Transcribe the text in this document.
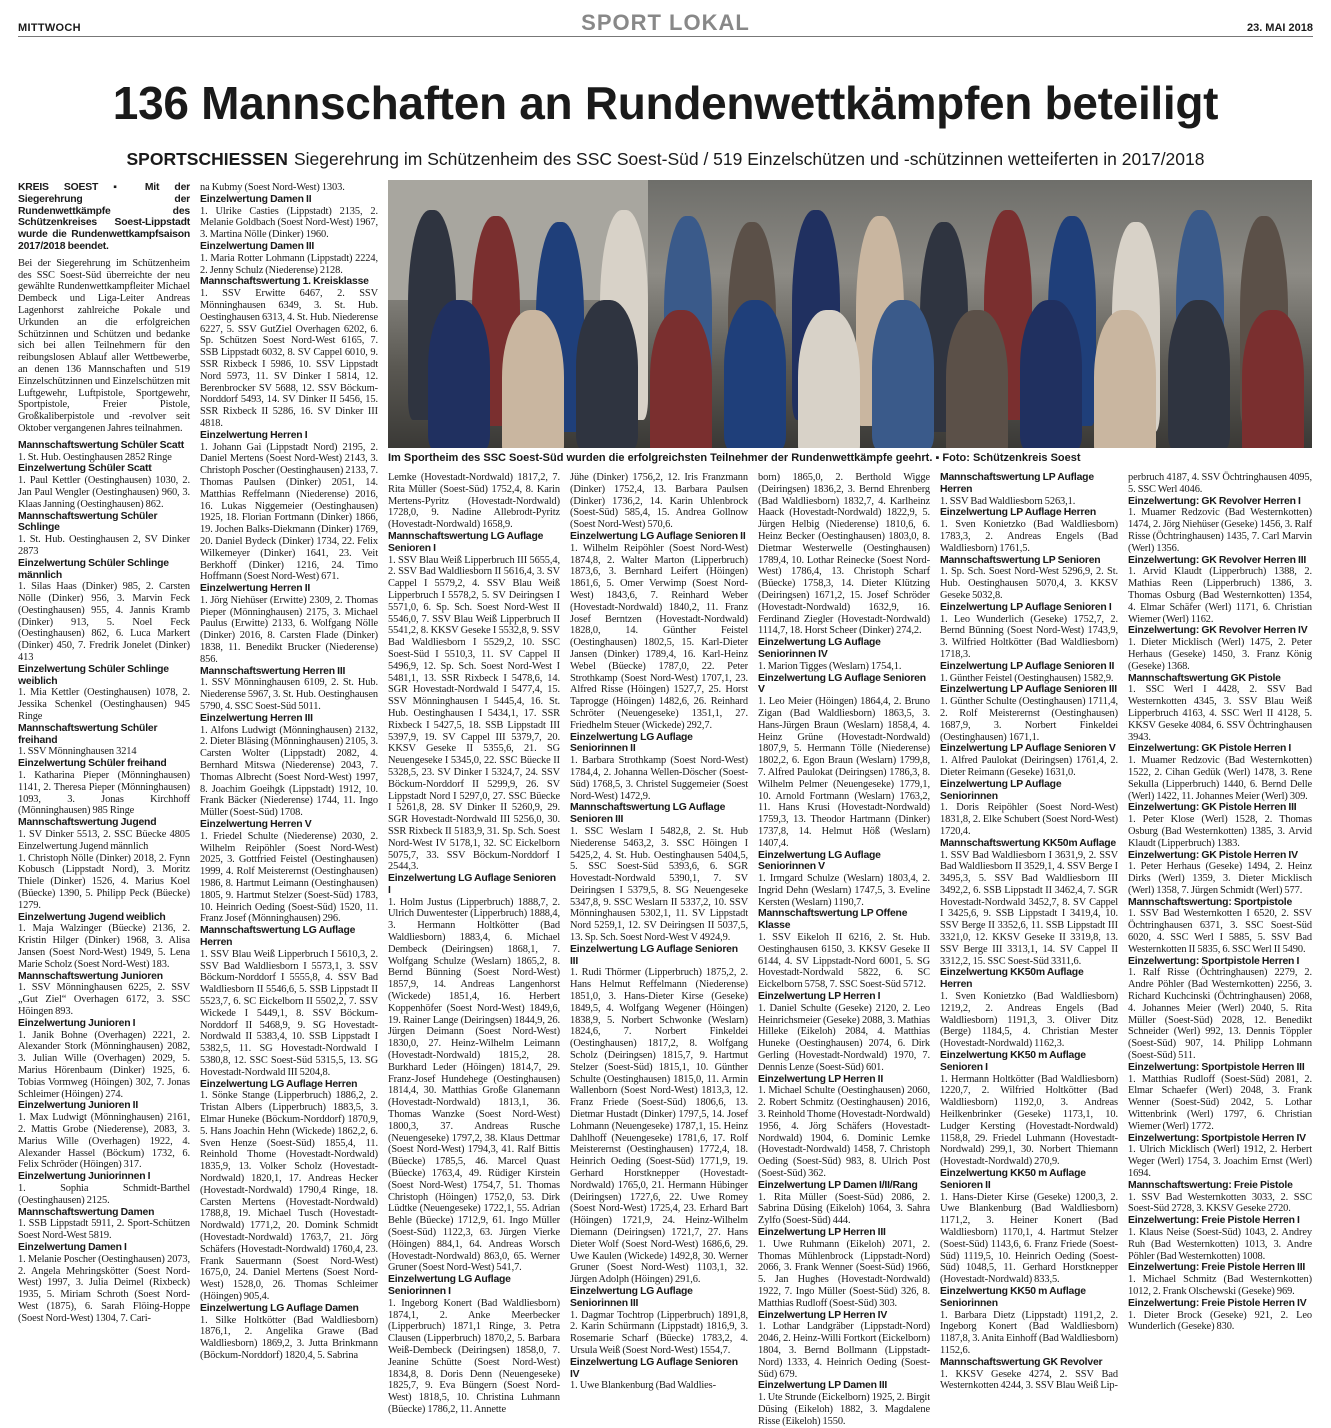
MITTWOCH	SPORT LOKAL	23. MAI 2018
136 Mannschaften an Rundenwettkämpfen beteiligt
SPORTSCHIESSEN Siegerehrung im Schützenheim des SSC Soest-Süd / 519 Einzelschützen und -schützinnen wetteiferten in 2017/2018
Im Sportheim des SSC Soest-Süd wurden die erfolgreichsten Teilnehmer der Rundenwettkämpfe geehrt. ▪ Foto: Schützenkreis Soest
KREIS SOEST ▪ Mit der Siegerehrung der Rundenwettkämpfe des Schützenkreises Soest-Lippstadt wurde die Rundenwettkampfsaison 2017/2018 beendet.
Bei der Siegerehrung im Schützenheim des SSC Soest-Süd überreichte der neu gewählte Rundenwettkampfleiter Michael Dembeck und Liga-Leiter Andreas Lagenhorst zahlreiche Pokale und Urkunden an die erfolgreichen Schützinnen und Schützen und bedanke sich bei allen Teilnehmern für den reibungslosen Ablauf aller Wettbewerbe, an denen 136 Mannschaften und 519 Einzelschützinnen und Einzelschützen mit Luftgewehr, Luftpistole, Sportgewehr, Sportpistole, Freier Pistole, Großkaliberpistole und -revolver seit Oktober vergangenen Jahres teilnahmen.
Mannschaftswertung Schüler Scatt
1. St. Hub. Oestinghausen 2852 Ringe
Einzelwertung Schüler Scatt
1. Paul Kettler (Oestinghausen) 1030, 2. Jan Paul Wengler (Oestinghausen) 960, 3. Klaas Janning (Oestinghausen) 862.
Mannschaftswertung Schüler Schlinge
1. St. Hub. Oestinghausen 2, SV Dinker 2873
Einzelwertung Schüler Schlinge männlich
1. Silas Haas (Dinker) 985, 2. Carsten Nölle (Dinker) 956, 3. Marvin Feck (Oestinghausen) 955, 4. Jannis Kramb (Dinker) 913, 5. Noel Feck (Oestinghausen) 862, 6. Luca Markert (Dinker) 450, 7. Fredrik Jonelet (Dinker) 413
Einzelwertung Schüler Schlinge weiblich
1. Mia Kettler (Oestinghausen) 1078, 2. Jessika Schenkel (Oestinghausen) 945 Ringe
Mannschaftswertung Schüler freihand
1. SSV Mönninghausen 3214
Einzelwertung Schüler freihand
1. Katharina Pieper (Mönninghausen) 1141, 2. Theresa Pieper (Mönninghausen) 1093, 3. Jonas Kirchhoff (Mönninghausen) 985 Ringe
Mannschaftswertung Jugend
1. SV Dinker 5513, 2. SSC Büecke 4805 Einzelwertung Jugend männlich
1. Christoph Nölle (Dinker) 2018, 2. Fynn Kobusch (Lippstadt Nord), 3. Moritz Thiele (Dinker) 1526, 4. Marius Koel (Büecke) 1390, 5. Philipp Peck (Büecke) 1279.
Einzelwertung Jugend weiblich
1. Maja Walzinger (Büecke) 2136, 2. Kristin Hilger (Dinker) 1968, 3. Alisa Jansen (Soest Nord-West) 1949, 5. Lena Marie Scholz (Soest Nord-West) 183.
Mannschaftswertung Junioren
1. SSV Mönninghausen 6225, 2. SSV „Gut Ziel“ Overhagen 6172, 3. SSC Höingen 893.
Einzelwertung Junioren I
1. Janik Bohne (Overhagen) 2221, 2. Alexander Stork (Mönninghausen) 2082, 3. Julian Wille (Overhagen) 2029, 5. Marius Hörenbaum (Dinker) 1925, 6. Tobias Vormweg (Höingen) 302, 7. Jonas Schleimer (Höingen) 274.
Einzelwertung Junioren II
1. Max Ludwigt (Mönninghausen) 2161, 2. Mattis Grobe (Niederense), 2083, 3. Marius Wille (Overhagen) 1922, 4. Alexander Hassel (Böckum) 1732, 6. Felix Schröder (Höingen) 317.
Einzelwertung Juniorinnen I
1. Sophia Schmidt-Barthel (Oestinghausen) 2125.
Mannschaftswertung Damen
1. SSB Lippstadt 5911, 2. Sport-Schützen Soest Nord-West 5819.
Einzelwertung Damen I
1. Melanie Poscher (Oestinghausen) 2073, 2. Angela Mehringskötter (Soest Nord-West) 1997, 3. Julia Deimel (Rixbeck) 1935, 5. Miriam Schroth (Soest Nord-West (1875), 6. Sarah Flöing-Hoppe (Soest Nord-West) 1304, 7. Cari-
na Kubmy (Soest Nord-West) 1303.
Einzelwertung Damen II
1. Ulrike Casties (Lippstadt) 2135, 2. Melanie Goldbach (Soest Nord-West) 1967, 3. Martina Nölle (Dinker) 1960.
Einzelwertung Damen III
1. Maria Rotter Lohmann (Lippstadt) 2224, 2. Jenny Schulz (Niederense) 2128.
Mannschaftswertung 1. Kreisklasse
1. SSV Erwitte 6467, 2. SSV Mönninghausen 6349, 3. St. Hub. Oestinghausen 6313, 4. St. Hub. Niederense 6227, 5. SSV GutZiel Overhagen 6202, 6. Sp. Schützen Soest Nord-West 6165, 7. SSB Lippstadt 6032, 8. SV Cappel 6010, 9. SSR Rixbeck I 5986, 10. SSV Lippstadt Nord 5973, 11. SV Dinker I 5814, 12. Berenbrocker SV 5688, 12. SSV Böckum-Norddorf 5493, 14. SV Dinker II 5456, 15. SSR Rixbeck II 5286, 16. SV Dinker III 4818.
Einzelwertung Herren I
1. Johann Gai (Lippstadt Nord) 2195, 2. Daniel Mertens (Soest Nord-West) 2143, 3. Christoph Poscher (Oestinghausen) 2133, 7. Thomas Paulsen (Dinker) 2051, 14. Matthias Reffelmann (Niederense) 2016, 16. Lukas Niggemeier (Oestinghausen) 1925, 18. Florian Fortmann (Dinker) 1866, 19. Jochen Balks-Diekmann (Dinker) 1769, 20. Daniel Bydeck (Dinker) 1734, 22. Felix Wilkemeyer (Dinker) 1641, 23. Veit Berkhoff (Dinker) 1216, 24. Timo Hoffmann (Soest Nord-West) 671.
Einzelwertung Herren II
1. Jörg Niehüser (Erwitte) 2309, 2. Thomas Pieper (Mönninghausen) 2175, 3. Michael Paulus (Erwitte) 2133, 6. Wolfgang Nölle (Dinker) 2016, 8. Carsten Flade (Dinker) 1838, 11. Benedikt Brucker (Niederense) 856.
Mannschaftswertung Herren III
1. SSV Mönninghausen 6109, 2. St. Hub. Niederense 5967, 3. St. Hub. Oestinghausen 5790, 4. SSC Soest-Süd 5011.
Einzelwertung Herren III
1. Alfons Ludwigt (Mönninghausen) 2132, 2. Dieter Bläsing (Mönninghausen) 2105, 3. Carsten Wolter (Lippstadt) 2082, 4. Bernhard Mitswa (Niederense) 2043, 7. Thomas Albrecht (Soest Nord-West) 1997, 8. Joachim Goeihgk (Lippstadt) 1912, 10. Frank Bäcker (Niederense) 1744, 11. Ingo Müller (Soest-Süd) 1708.
Einzelwertung Herren V
1. Friedel Schulte (Niederense) 2030, 2. Wilhelm Reipöhler (Soest Nord-West) 2025, 3. Gottfried Feistel (Oestinghausen) 1999, 4. Rolf Meisterernst (Oestinghausen) 1986, 8. Hartmut Leimann (Oestinghausen) 1805, 9. Hartmut Stelzer (Soest-Süd) 1783, 10. Heinrich Oeding (Soest-Süd) 1520, 11. Franz Josef (Mönninghausen) 296.
Mannschaftswertung LG Auflage Herren
1. SSV Blau Weiß Lipperbruch I 5610,3, 2. SSV Bad Waldliesborn I 5573,1, 3. SSV Böckum-Norddorf I 5555,8, 4. SSV Bad Waldliesborn II 5546,6, 5. SSB Lippstadt II 5523,7, 6. SC Eickelborn II 5502,2, 7. SSV Wickede I 5449,1, 8. SSV Böckum-Norddorf II 5468,9, 9. SG Hovestadt-Nordwald II 5383,4, 10. SSB Lippstadt I 5382,5, 11. SG Hovestadt-Nordwald I 5380,8, 12. SSC Soest-Süd 5315,5, 13. SG Hovestadt-Nordwald III 5204,8.
Einzelwertung LG Auflage Herren
1. Sönke Stange (Lipperbruch) 1886,2, 2. Tristan Albers (Lipperbruch) 1883,5, 3. Elmar Huneke (Böckum-Norddorf) 1870,9, 5. Hans Joachin Hehn (Wickede) 1862,2, 6. Sven Henze (Soest-Süd) 1855,4, 11. Reinhold Thome (Hovestadt-Nordwald) 1835,9, 13. Volker Scholz (Hovestadt-Nordwald) 1820,1, 17. Andreas Hecker (Hovestadt-Nordwald) 1790,4 Ringe, 18. Carsten Mertens (Hovestadt-Nordwald) 1788,8, 19. Michael Tusch (Hovestadt-Nordwald) 1771,2, 20. Domink Schmidt (Hovestadt-Nordwald) 1763,7, 21. Jörg Schäfers (Hovestadt-Nordwald) 1760,4, 23. Frank Sauermann (Soest Nord-West) 1675,0, 24. Daniel Mertens (Soest Nord-West) 1528,0, 26. Thomas Schleimer (Höingen) 905,4.
Einzelwertung LG Auflage Damen
1. Silke Holtkötter (Bad Waldliesborn) 1876,1, 2. Angelika Grawe (Bad Waldliesborn) 1869,2, 3. Jutta Brinkmann (Böckum-Norddorf) 1820,4, 5. Sabrina
Lemke (Hovestadt-Nordwald) 1817,2, 7. Rita Müller (Soest-Süd) 1752,4, 8. Karin Mertens-Pyritz (Hovestadt-Nordwald) 1728,0, 9. Nadine Allebrodt-Pyritz (Hovestadt-Nordwald) 1658,9.
Mannschaftswertung LG Auflage Senioren I
1. SSV Blau Weiß Lipperbruch III 5655,4, 2. SSV Bad Waldliesborn II 5616,4, 3. SV Cappel I 5579,2, 4. SSV Blau Weiß Lipperbruch I 5578,2, 5. SV Deiringsen I 5571,0, 6. Sp. Sch. Soest Nord-West II 5546,0, 7. SSV Blau Weiß Lipperbruch II 5541,2, 8. KKSV Geseke I 5532,8, 9. SSV Bad Waldliesborn I 5529,2, 10. SSC Soest-Süd I 5510,3, 11. SV Cappel II 5496,9, 12. Sp. Sch. Soest Nord-West I 5481,1, 13. SSR Rixbeck I 5478,6, 14. SGR Hovestadt-Nordwald I 5477,4, 15. SSV Mönninghausen I 5445,4, 16. St. Hub. Oestinghausen I 5434,1, 17. SSR Rixbeck I 5427,5, 18. SSB Lippstadt III 5397,9, 19. SV Cappel III 5379,7, 20. KKSV Geseke II 5355,6, 21. SG Neuengeseke I 5345,0, 22. SSC Büecke II 5328,5, 23. SV Dinker I 5324,7, 24. SSV Böckum-Norddorf II 5299,9, 26. SV Lippstadt Nord I 5297,0, 27. SSC Büecke I 5261,8, 28. SV Dinker II 5260,9, 29. SGR Hovestadt-Nordwald III 5256,0, 30. SSR Rixbeck II 5183,9, 31. Sp. Sch. Soest Nord-West IV 5178,1, 32. SC Eickelborn 5075,7, 33. SSV Böckum-Norddorf I 2544,3.
Einzelwertung LG Auflage Senioren I
1. Holm Justus (Lipperbruch) 1888,7, 2. Ulrich Duwentester (Lipperbruch) 1888,4, 3. Hermann Holtkötter (Bad Waldliesborn) 1883,4, 6. Michael Dembeck (Deiringsen) 1868,1, 7. Wolfgang Schulze (Weslarn) 1865,2, 8. Bernd Bünning (Soest Nord-West) 1857,9, 14. Andreas Langenhorst (Wickede) 1851,4, 16. Herbert Koppenhöfer (Soest Nord-West) 1849,6, 19. Rainer Lange (Deiringsen) 1844,9, 26. Jürgen Deimann (Soest Nord-West) 1830,0, 27. Heinz-Wilhelm Leimann (Hovestadt-Nordwald) 1815,2, 28. Burkhard Leder (Höingen) 1814,7, 29. Franz-Josef Hundehege (Oestinghausen) 1814,4, 30. Matthias Große Glanemann (Hovestadt-Nordwald) 1813,1, 36. Thomas Wanzke (Soest Nord-West) 1800,3, 37. Andreas Rusche (Neuengeseke) 1797,2, 38. Klaus Dettmar (Soest Nord-West) 1794,3, 41. Ralf Bittis (Büecke) 1785,5, 46. Marcel Quast (Büecke) 1763,4, 49. Rüdiger Kirstein (Soest Nord-West) 1754,7, 51. Thomas Christoph (Höingen) 1752,0, 53. Dirk Lüdtke (Neuengeseke) 1722,1, 55. Adrian Behle (Büecke) 1712,9, 61. Ingo Müller (Soest-Süd) 1122,3, 63. Jürgen Vierke (Höingen) 884,1, 64. Andreas Worsch (Hovestadt-Nordwald) 863,0, 65. Werner Gruner (Soest Nord-West) 541,7.
Einzelwertung LG Auflage Seniorinnen I
1. Ingeborg Konert (Bad Waldliesborn) 1874,1, 2. Anke Meerbecker (Lipperbruch) 1871,1 Ringe, 3. Petra Clausen (Lipperbruch) 1870,2, 5. Barbara Weiß-Dembeck (Deiringsen) 1858,0, 7. Jeanine Schütte (Soest Nord-West) 1834,8, 8. Doris Denn (Neuengeseke) 1825,7, 9. Eva Büngern (Soest Nord-West) 1818,5, 10. Christina Luhmann (Büecke) 1786,2, 11. Annette
Jühe (Dinker) 1756,2, 12. Iris Franzmann (Dinker) 1752,4, 13. Barbara Paulsen (Dinker) 1736,2, 14. Karin Uhlenbrock (Soest-Süd) 585,4, 15. Andrea Gollnow (Soest Nord-West) 570,6.
Einzelwertung LG Auflage Senioren II
1. Wilhelm Reipöhler (Soest Nord-West) 1874,8, 2. Walter Marton (Lipperbruch) 1873,6, 3. Bernhard Leifert (Höingen) 1861,6, 5. Omer Verwimp (Soest Nord-West) 1843,6, 7. Reinhard Weber (Hovestadt-Nordwald) 1840,2, 11. Franz Josef Berntzen (Hovestadt-Nordwald) 1828,0, 14. Günther Feistel (Oestinghausen) 1802,5, 15. Karl-Dieter Jansen (Dinker) 1789,4, 16. Karl-Heinz Webel (Büecke) 1787,0, 22. Peter Strothkamp (Soest Nord-West) 1707,1, 23. Alfred Risse (Höingen) 1527,7, 25. Horst Taprogge (Höingen) 1482,6, 26. Reinhard Schröter (Neuengeseke) 1351,1, 27. Friedhelm Steuer (Wickede) 292,7.
Einzelwertung LG Auflage Seniorinnen II
1. Barbara Strothkamp (Soest Nord-West) 1784,4, 2. Johanna Wellen-Döscher (Soest-Süd) 1768,5, 3. Christel Suggemeier (Soest Nord-West) 1472,9.
Mannschaftswertung LG Auflage Senioren III
1. SSC Weslarn I 5482,8, 2. St. Hub Niederense 5463,2, 3. SSC Höingen I 5425,2, 4. St. Hub. Oestinghausen 5404,5, 5. SSC Soest-Süd 5393,6, 6. SGR Hovestadt-Nordwald 5390,1, 7. SV Deiringsen I 5379,5, 8. SG Neuengeseke 5347,8, 9. SSC Weslarn II 5337,2, 10. SSV Mönninghausen 5302,1, 11. SV Lippstadt Nord 5259,1, 12. SV Deiringsen II 5037,5, 13. Sp. Sch. Soest Nord-West V 4924,9.
Einzelwertung LG Auflage Senioren III
1. Rudi Thörmer (Lipperbruch) 1875,2, 2. Hans Helmut Reffelmann (Niederense) 1851,0, 3. Hans-Dieter Kirse (Geseke) 1849,5, 4. Wolfgang Wegener (Höingen) 1838,9, 5. Norbert Schwonke (Weslarn) 1824,6, 7. Norbert Finkeldei (Oestinghausen) 1817,2, 8. Wolfgang Scholz (Deiringsen) 1815,7, 9. Hartmut Stelzer (Soest-Süd) 1815,1, 10. Günther Schulte (Oestinghausen) 1815,0, 11. Armin Wallenborn (Soest Nord-West) 1813,3, 12. Franz Friede (Soest-Süd) 1806,6, 13. Dietmar Hustadt (Dinker) 1797,5, 14. Josef Lohmann (Neuengeseke) 1787,1, 15. Heinz Dahlhoff (Neuengeseke) 1781,6, 17. Rolf Meisterernst (Oestinghausen) 1772,4, 18. Heinrich Oeding (Soest-Süd) 1771,9, 19. Gerhard Horstknepper (Hovestadt-Nordwald) 1765,0, 21. Hermann Hübinger (Deiringsen) 1727,6, 22. Uwe Romey (Soest Nord-West) 1725,4, 23. Erhard Bart (Höingen) 1721,9, 24. Heinz-Wilhelm Diemann (Deiringsen) 1721,7, 27. Hans Dieter Wolf (Soest Nord-West) 1686,6, 29. Uwe Kaulen (Wickede) 1492,8, 30. Werner Gruner (Soest Nord-West) 1103,1, 32. Jürgen Adolph (Höingen) 291,6.
Einzelwertung LG Auflage Seniorinnen III
1. Dagmar Tochtrop (Lipperbruch) 1891,8, 2. Karin Schürmann (Lippstadt) 1816,9, 3. Rosemarie Scharf (Büecke) 1783,2, 4. Ursula Weiß (Soest Nord-West) 1554,7.
Einzelwertung LG Auflage Senioren IV
1. Uwe Blankenburg (Bad Waldlies-
born) 1865,0, 2. Berthold Wigge (Deiringsen) 1836,2, 3. Bernd Ehrenberg (Bad Waldliesborn) 1832,7, 4. Karlheinz Haack (Hovestadt-Nordwald) 1822,9, 5. Jürgen Helbig (Niederense) 1810,6, 6. Heinz Becker (Oestinghausen) 1803,0, 8. Dietmar Westerwelle (Oestinghausen) 1789,4, 10. Lothar Reinecke (Soest Nord-West) 1786,4, 13. Christoph Scharf (Büecke) 1758,3, 14. Dieter Klützing (Deiringsen) 1671,2, 15. Josef Schröder (Hovestadt-Nordwald) 1632,9, 16. Ferdinand Ziegler (Hovestadt-Nordwald) 1114,7, 18. Horst Scheer (Dinker) 274,2.
Einzelwertung LG Auflage Seniorinnen IV
1. Marion Tigges (Weslarn) 1754,1.
Einzelwertung LG Auflage Senioren V
1. Leo Meier (Höingen) 1864,4, 2. Bruno Zigan (Bad Waldliesborn) 1863,5, 3. Hans-Jürgen Braun (Weslarn) 1858,4, 4. Heinz Grüne (Hovestadt-Nordwald) 1807,9, 5. Hermann Tölle (Niederense) 1802,2, 6. Egon Braun (Weslarn) 1799,8, 7. Alfred Paulokat (Deiringsen) 1786,3, 8. Wilhelm Pelmer (Neuengeseke) 1779,1, 10. Arnold Fortmann (Weslarn) 1763,2, 11. Hans Krusi (Hovestadt-Nordwald) 1759,3, 13. Theodor Hartmann (Dinker) 1737,8, 14. Helmut Höß (Weslarn) 1407,4.
Einzelwertung LG Auflage Seniorinnen V
1. Irmgard Schulze (Weslarn) 1803,4, 2. Ingrid Dehn (Weslarn) 1747,5, 3. Eveline Kersten (Weslarn) 1190,7.
Mannschaftswertung LP Offene Klasse
1. SSV Eikeloh II 6216, 2. St. Hub. Oestinghausen 6150, 3. KKSV Geseke II 6144, 4. SV Lippstadt-Nord 6001, 5. SG Hovestadt-Nordwald 5822, 6. SC Eickelborn 5758, 7. SSC Soest-Süd 5712.
Einzelwertung LP Herren I
1. Daniel Schulte (Geseke) 2120, 2. Leo Heinrichsmeier (Geseke) 2088, 3. Mathias Hilleke (Eikeloh) 2084, 4. Matthias Huneke (Oestinghausen) 2074, 6. Dirk Gerling (Hovestadt-Nordwald) 1970, 7. Dennis Lenze (Soest-Süd) 601.
Einzelwertung LP Herren II
1. Michael Schulte (Oestinghausen) 2060, 2. Robert Schmitz (Oestinghausen) 2016, 3. Reinhold Thome (Hovestadt-Nordwald) 1956, 4. Jörg Schäfers (Hovestadt-Nordwald) 1904, 6. Dominic Lemke (Hovestadt-Nordwald) 1458, 7. Christoph Oeding (Soest-Süd) 983, 8. Ulrich Post (Soest-Süd) 362.
Einzelwertung LP Damen I/II/Rang
1. Rita Müller (Soest-Süd) 2086, 2. Sabrina Düsing (Eikeloh) 1064, 3. Sahra Zylfo (Soest-Süd) 444.
Einzelwertung LP Herren III
1. Uwe Ruhmann (Eikeloh) 2071, 2. Thomas Mühlenbrock (Lippstadt-Nord) 2066, 3. Frank Wenner (Soest-Süd) 1966, 5. Jan Hughes (Hovestadt-Nordwald) 1922, 7. Ingo Müller (Soest-Süd) 326, 8. Matthias Rudloff (Soest-Süd) 303.
Einzelwertung LP Herren IV
1. Lothar Landgräber (Lippstadt-Nord) 2046, 2. Heinz-Willi Fortkort (Eickelborn) 1804, 3. Bernd Bollmann (Lippstadt-Nord) 1333, 4. Heinrich Oeding (Soest-Süd) 679.
Einzelwertung LP Damen III
1. Ute Strunde (Eickelborn) 1925, 2. Birgit Düsing (Eikeloh) 1882, 3. Magdalene Risse (Eikeloh) 1550.
Mannschaftswertung LP Auflage Herren
1. SSV Bad Waldliesborn 5263,1.
Einzelwertung LP Auflage Herren
1. Sven Konietzko (Bad Waldliesborn) 1783,3, 2. Andreas Engels (Bad Waldliesborn) 1761,5.
Mannschaftswertung LP Senioren
1. Sp. Sch. Soest Nord-West 5296,9, 2. St. Hub. Oestinghausen 5070,4, 3. KKSV Geseke 5032,8.
Einzelwertung LP Auflage Senioren I
1. Leo Wunderlich (Geseke) 1752,7, 2. Bernd Bünning (Soest Nord-West) 1743,9, 3. Wilfried Holtkötter (Bad Waldliesborn) 1718,3.
Einzelwertung LP Auflage Senioren II
1. Günther Feistel (Oestinghausen) 1582,9.
Einzelwertung LP Auflage Senioren III
1. Günther Schulte (Oestinghausen) 1711,4, 2. Rolf Meisterernst (Oestinghausen) 1687,9, 3. Norbert Finkeldei (Oestinghausen) 1671,1.
Einzelwertung LP Auflage Senioren V
1. Alfred Paulokat (Deiringsen) 1761,4, 2. Dieter Reimann (Geseke) 1631,0.
Einzelwertung LP Auflage Seniorinnen
1. Doris Reipöhler (Soest Nord-West) 1831,8, 2. Elke Schubert (Soest Nord-West) 1720,4.
Mannschaftswertung KK50m Auflage
1. SSV Bad Waldliesborn I 3631,9, 2. SSV Bad Waldliesborn II 3529,1, 4. SSV Berge I 3495,3, 5. SSV Bad Waldliesborn III 3492,2, 6. SSB Lippstadt II 3462,4, 7. SGR Hovestadt-Nordwald 3452,7, 8. SV Cappel I 3425,6, 9. SSB Lippstadt I 3419,4, 10. SSV Berge II 3352,6, 11. SSB Lippstadt III 3321,0, 12. KKSV Geseke II 3319,8, 13. SSV Berge III 3313,1, 14. SV Cappel II 3312,2, 15. SSC Soest-Süd 3311,6.
Einzelwertung KK50m Auflage Herren
1. Sven Konietzko (Bad Waldliesborn) 1219,2, 2. Andreas Engels (Bad Waldliesborn) 1191,3, 3. Oliver Ditz (Berge) 1184,5, 4. Christian Mester (Hovestadt-Nordwald) 1162,3.
Einzelwertung KK50 m Auflage Senioren I
1. Hermann Holtkötter (Bad Waldliesborn) 1220,7, 2. Wilfried Holtkötter (Bad Waldliesborn) 1192,0, 3. Andreas Heilkenbrinker (Geseke) 1173,1, 10. Ludger Kersting (Hovestadt-Nordwald) 1158,8, 29. Friedel Luhmann (Hovestadt-Nordwald) 299,1, 30. Norbert Thiemann (Hovestadt-Nordwald) 270,9.
Einzelwertung KK50 m Auflage Senioren II
1. Hans-Dieter Kirse (Geseke) 1200,3, 2. Uwe Blankenburg (Bad Waldliesborn) 1171,2, 3. Heiner Konert (Bad Waldliesborn) 1170,1, 4. Hartmut Stelzer (Soest-Süd) 1143,6, 6. Franz Friede (Soest-Süd) 1119,5, 10. Heinrich Oeding (Soest-Süd) 1048,5, 11. Gerhard Horstknepper (Hovestadt-Nordwald) 833,5.
Einzelwertung KK50 m Auflage Seniorinnen
1. Barbara Dietz (Lippstadt) 1191,2, 2. Ingeborg Konert (Bad Waldliesborn) 1187,8, 3. Anita Einhoff (Bad Waldliesborn) 1152,6.
Mannschaftswertung GK Revolver
1. KKSV Geseke 4274, 2. SSV Bad Westernkotten 4244, 3. SSV Blau Weiß Lip-
perbruch 4187, 4. SSV Öchtringhausen 4095, 5. SSC Werl 4046.
Einzelwertung: GK Revolver Herren I
1. Muamer Redzovic (Bad Westernkotten) 1474, 2. Jörg Niehüser (Geseke) 1456, 3. Ralf Risse (Öchtringhausen) 1435, 7. Carl Marvin (Werl) 1356.
Einzelwertung: GK Revolver Herren III
1. Arvid Klaudt (Lipperbruch) 1388, 2. Mathias Reen (Lipperbruch) 1386, 3. Thomas Osburg (Bad Westernkotten) 1354, 4. Elmar Schäfer (Werl) 1171, 6. Christian Wiemer (Werl) 1162.
Einzelwertung: GK Revolver Herren IV
1. Dieter Micklisch (Werl) 1475, 2. Peter Herhaus (Geseke) 1450, 3. Franz König (Geseke) 1368.
Mannschaftswertung GK Pistole
1. SSC Werl I 4428, 2. SSV Bad Westernkotten 4345, 3. SSV Blau Weiß Lipperbruch 4163, 4. SSC Werl II 4128, 5. KKSV Geseke 4084, 6. SSV Öchtringhausen 3943.
Einzelwertung: GK Pistole Herren I
1. Muamer Redzovic (Bad Westernkotten) 1522, 2. Cihan Gedük (Werl) 1478, 3. Rene Sekulla (Lipperbruch) 1440, 6. Bernd Delle (Werl) 1422, 11. Johannes Meier (Werl) 309.
Einzelwertung: GK Pistole Herren III
1. Peter Klose (Werl) 1528, 2. Thomas Osburg (Bad Westernkotten) 1385, 3. Arvid Klaudt (Lipperbruch) 1383.
Einzelwertung: GK Pistole Herren IV
1. Peter Herhaus (Geseke) 1494, 2. Heinz Dirks (Werl) 1359, 3. Dieter Micklisch (Werl) 1358, 7. Jürgen Schmidt (Werl) 577.
Mannschaftswertung: Sportpistole
1. SSV Bad Westernkotten I 6520, 2. SSV Öchtringhausen 6371, 3. SSC Soest-Süd 6020, 4. SSC Werl I 5885, 5. SSV Bad Westernkotten II 5835, 6. SSC Werl II 5490.
Einzelwertung: Sportpistole Herren I
1. Ralf Risse (Öchtringhausen) 2279, 2. Andre Pöhler (Bad Westernkotten) 2256, 3. Richard Kuchcinski (Öchtringhausen) 2068, 4. Johannes Meier (Werl) 2040, 5. Rita Müller (Soest-Süd) 2028, 12. Benedikt Schneider (Werl) 992, 13. Dennis Töppler (Soest-Süd) 907, 14. Philipp Lohmann (Soest-Süd) 511.
Einzelwertung: Sportpistole Herren III
1. Matthias Rudloff (Soest-Süd) 2081, 2. Elmar Schaefer (Werl) 2048, 3. Frank Wenner (Soest-Süd) 2042, 5. Lothar Wittenbrink (Werl) 1797, 6. Christian Wiemer (Werl) 1772.
Einzelwertung: Sportpistole Herren IV
1. Ulrich Micklisch (Werl) 1912, 2. Herbert Weger (Werl) 1754, 3. Joachim Ernst (Werl) 1694.
Mannschaftswertung: Freie Pistole
1. SSV Bad Westernkotten 3033, 2. SSC Soest-Süd 2728, 3. KKSV Geseke 2720.
Einzelwertung: Freie Pistole Herren I
1. Klaus Neise (Soest-Süd) 1043, 2. Andrey Ruh (Bad Westernkotten) 1013, 3. Andre Pöhler (Bad Westernkotten) 1008.
Einzelwertung: Freie Pistole Herren III
1. Michael Schmitz (Bad Westernkotten) 1012, 2. Frank Olschewski (Geseke) 969.
Einzelwertung: Freie Pistole Herren IV
1. Dieter Brock (Geseke) 921, 2. Leo Wunderlich (Geseke) 830.
